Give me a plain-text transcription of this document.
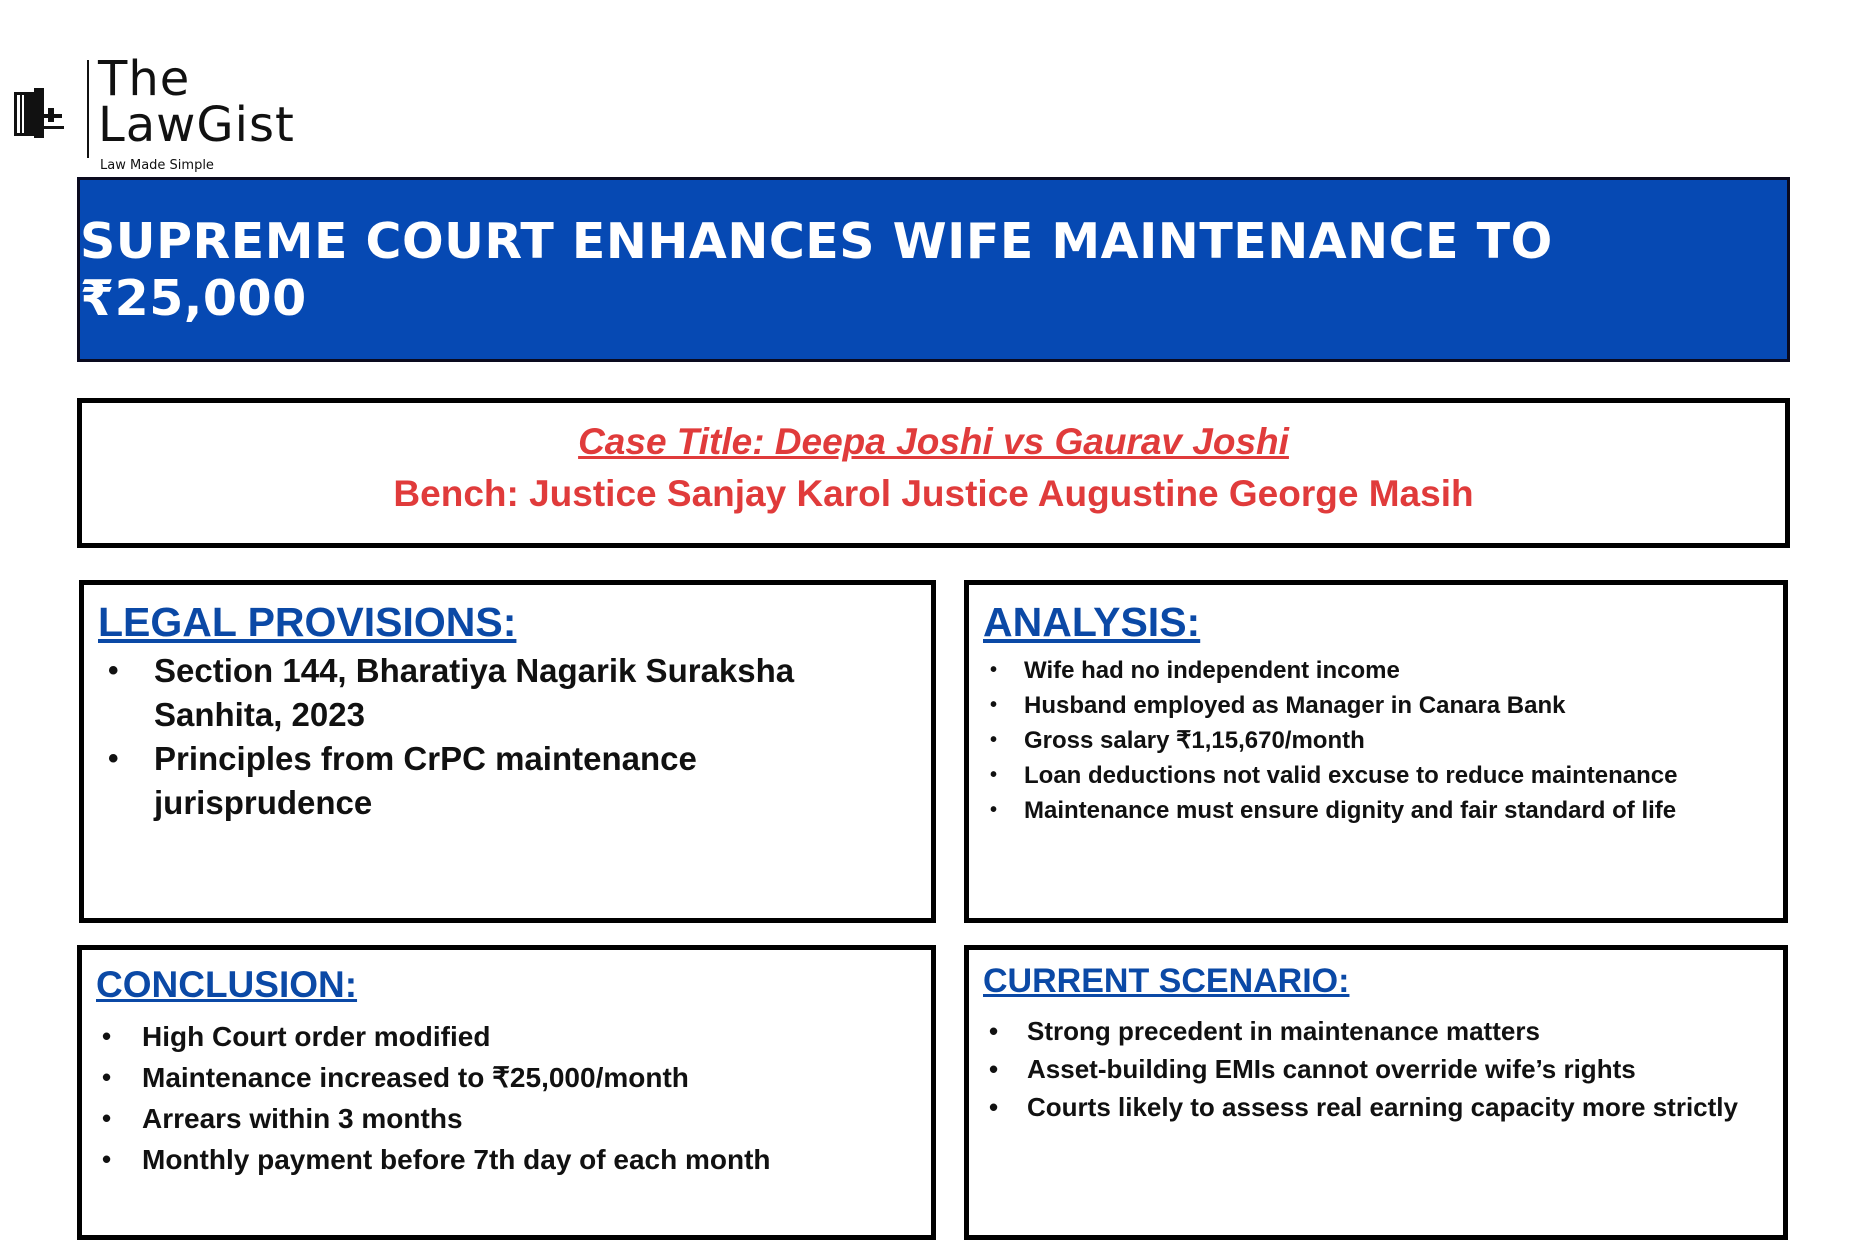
The
LawGist
Law Made Simple
SUPREME COURT ENHANCES WIFE MAINTENANCE TO ₹25,000
Case Title: Deepa Joshi vs Gaurav Joshi
Bench: Justice Sanjay Karol Justice Augustine George Masih
LEGAL PROVISIONS:
• Section 144, Bharatiya Nagarik Suraksha Sanhita, 2023
• Principles from CrPC maintenance jurisprudence
ANALYSIS:
• Wife had no independent income
• Husband employed as Manager in Canara Bank
• Gross salary ₹1,15,670/month
• Loan deductions not valid excuse to reduce maintenance
• Maintenance must ensure dignity and fair standard of life
CONCLUSION:
• High Court order modified
• Maintenance increased to ₹25,000/month
• Arrears within 3 months
• Monthly payment before 7th day of each month
CURRENT SCENARIO:
• Strong precedent in maintenance matters
• Asset-building EMIs cannot override wife’s rights
• Courts likely to assess real earning capacity more strictly
